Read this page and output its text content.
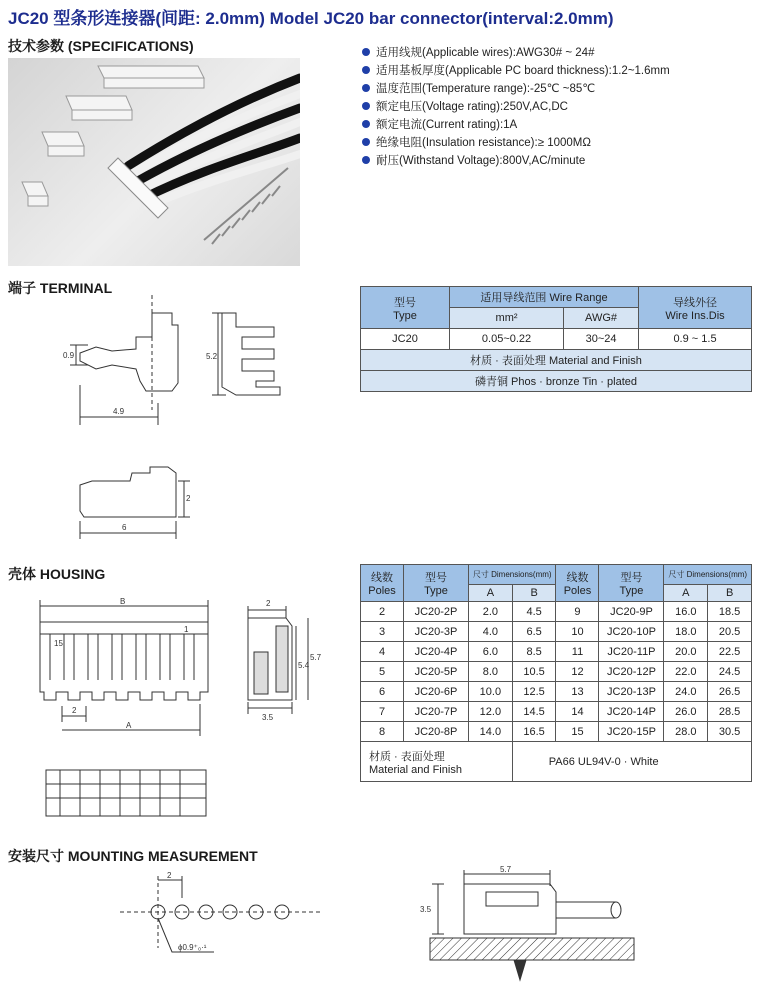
JC20 型条形连接器(间距: 2.0mm) Model JC20 bar connector(interval:2.0mm)
技术参数 (SPECIFICATIONS)	适用线规(Applicable wires):AWG30# ~ 24#
适用基板厚度(Applicable PC board thickness):1.2~1.6mm
温度范围(Temperature range):-25℃ ~85℃
额定电压(Voltage rating):250V,AC,DC
额定电流(Current rating):1A
绝缘电阻(Insulation resistance):≥ 1000MΩ
耐压(Withstand Voltage):800V,AC/minute
端子 TERMINAL
0.9
4.9
5.2
2
6
型号
Type	适用导线范围 Wire Range		导线外径
Wire Ins.Dis
	mm²	AWG#	
JC20	0.05~0.22	30~24	0.9 ~ 1.5
材质 · 表面处理 Material and Finish			
磷青铜 Phos · bronze Tin · plated			
壳体 HOUSING
B
A
2
1
15
2
5.4
5.7
3.5
线数
Poles	型号
Type	尺寸 Dimensions(mm)		线数
Poles	型号
Type	尺寸 Dimensions(mm)	
		A	B			A	B
2	JC20-2P	2.0	4.5	9	JC20-9P	16.0	18.5
3	JC20-3P	4.0	6.5	10	JC20-10P	18.0	20.5
4	JC20-4P	6.0	8.5	11	JC20-11P	20.0	22.5
5	JC20-5P	8.0	10.5	12	JC20-12P	22.0	24.5
6	JC20-6P	10.0	12.5	13	JC20-13P	24.0	26.5
7	JC20-7P	12.0	14.5	14	JC20-14P	26.0	28.5
8	JC20-8P	14.0	16.5	15	JC20-15P	28.0	30.5
材质 · 表面处理
Material and Finish			PA66 UL94V-0 · White				
安装尺寸 MOUNTING MEASUREMENT
2
ϕ0.9⁺₀·¹
5.7
3.5
